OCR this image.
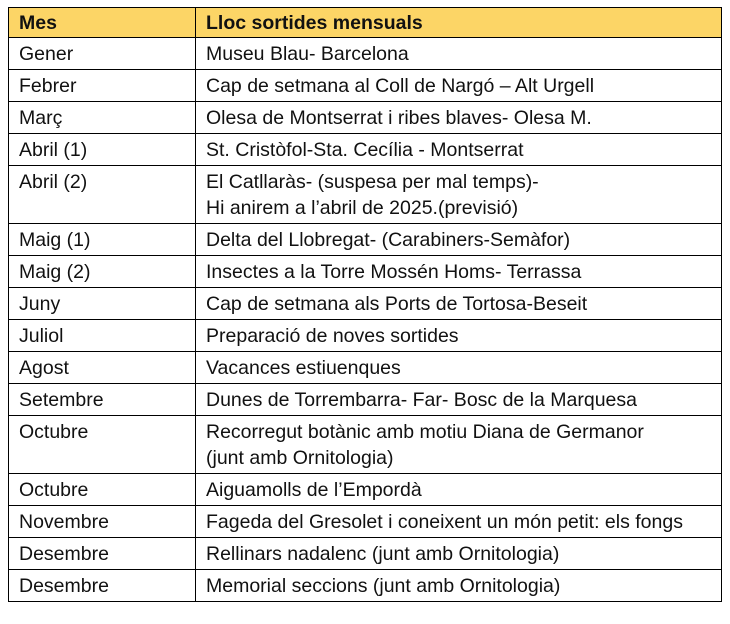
Mes	Lloc sortides mensuals
Gener	Museu Blau- Barcelona
Febrer	Cap de setmana al Coll de Nargó – Alt Urgell
Març	Olesa de Montserrat i ribes blaves- Olesa M.
Abril (1)	St. Cristòfol-Sta. Cecília - Montserrat
Abril (2)	El Catllaràs- (suspesa per mal temps)-
Hi anirem a l’abril de 2025.(previsió)

Maig (1)	Delta del Llobregat- (Carabiners-Semàfor)
Maig (2)	Insectes a la Torre Mossén Homs- Terrassa
Juny	Cap de setmana als Ports de Tortosa-Beseit
Juliol	Preparació de noves sortides
Agost	Vacances estiuenques
Setembre	Dunes de Torrembarra- Far- Bosc de la Marquesa
Octubre	Recorregut botànic amb motiu Diana de Germanor
(junt amb Ornitologia)

Octubre	Aiguamolls de l’Empordà
Novembre	Fageda del Gresolet i coneixent un món petit: els fongs
Desembre	Rellinars nadalenc (junt amb Ornitologia)
Desembre	Memorial seccions (junt amb Ornitologia)
